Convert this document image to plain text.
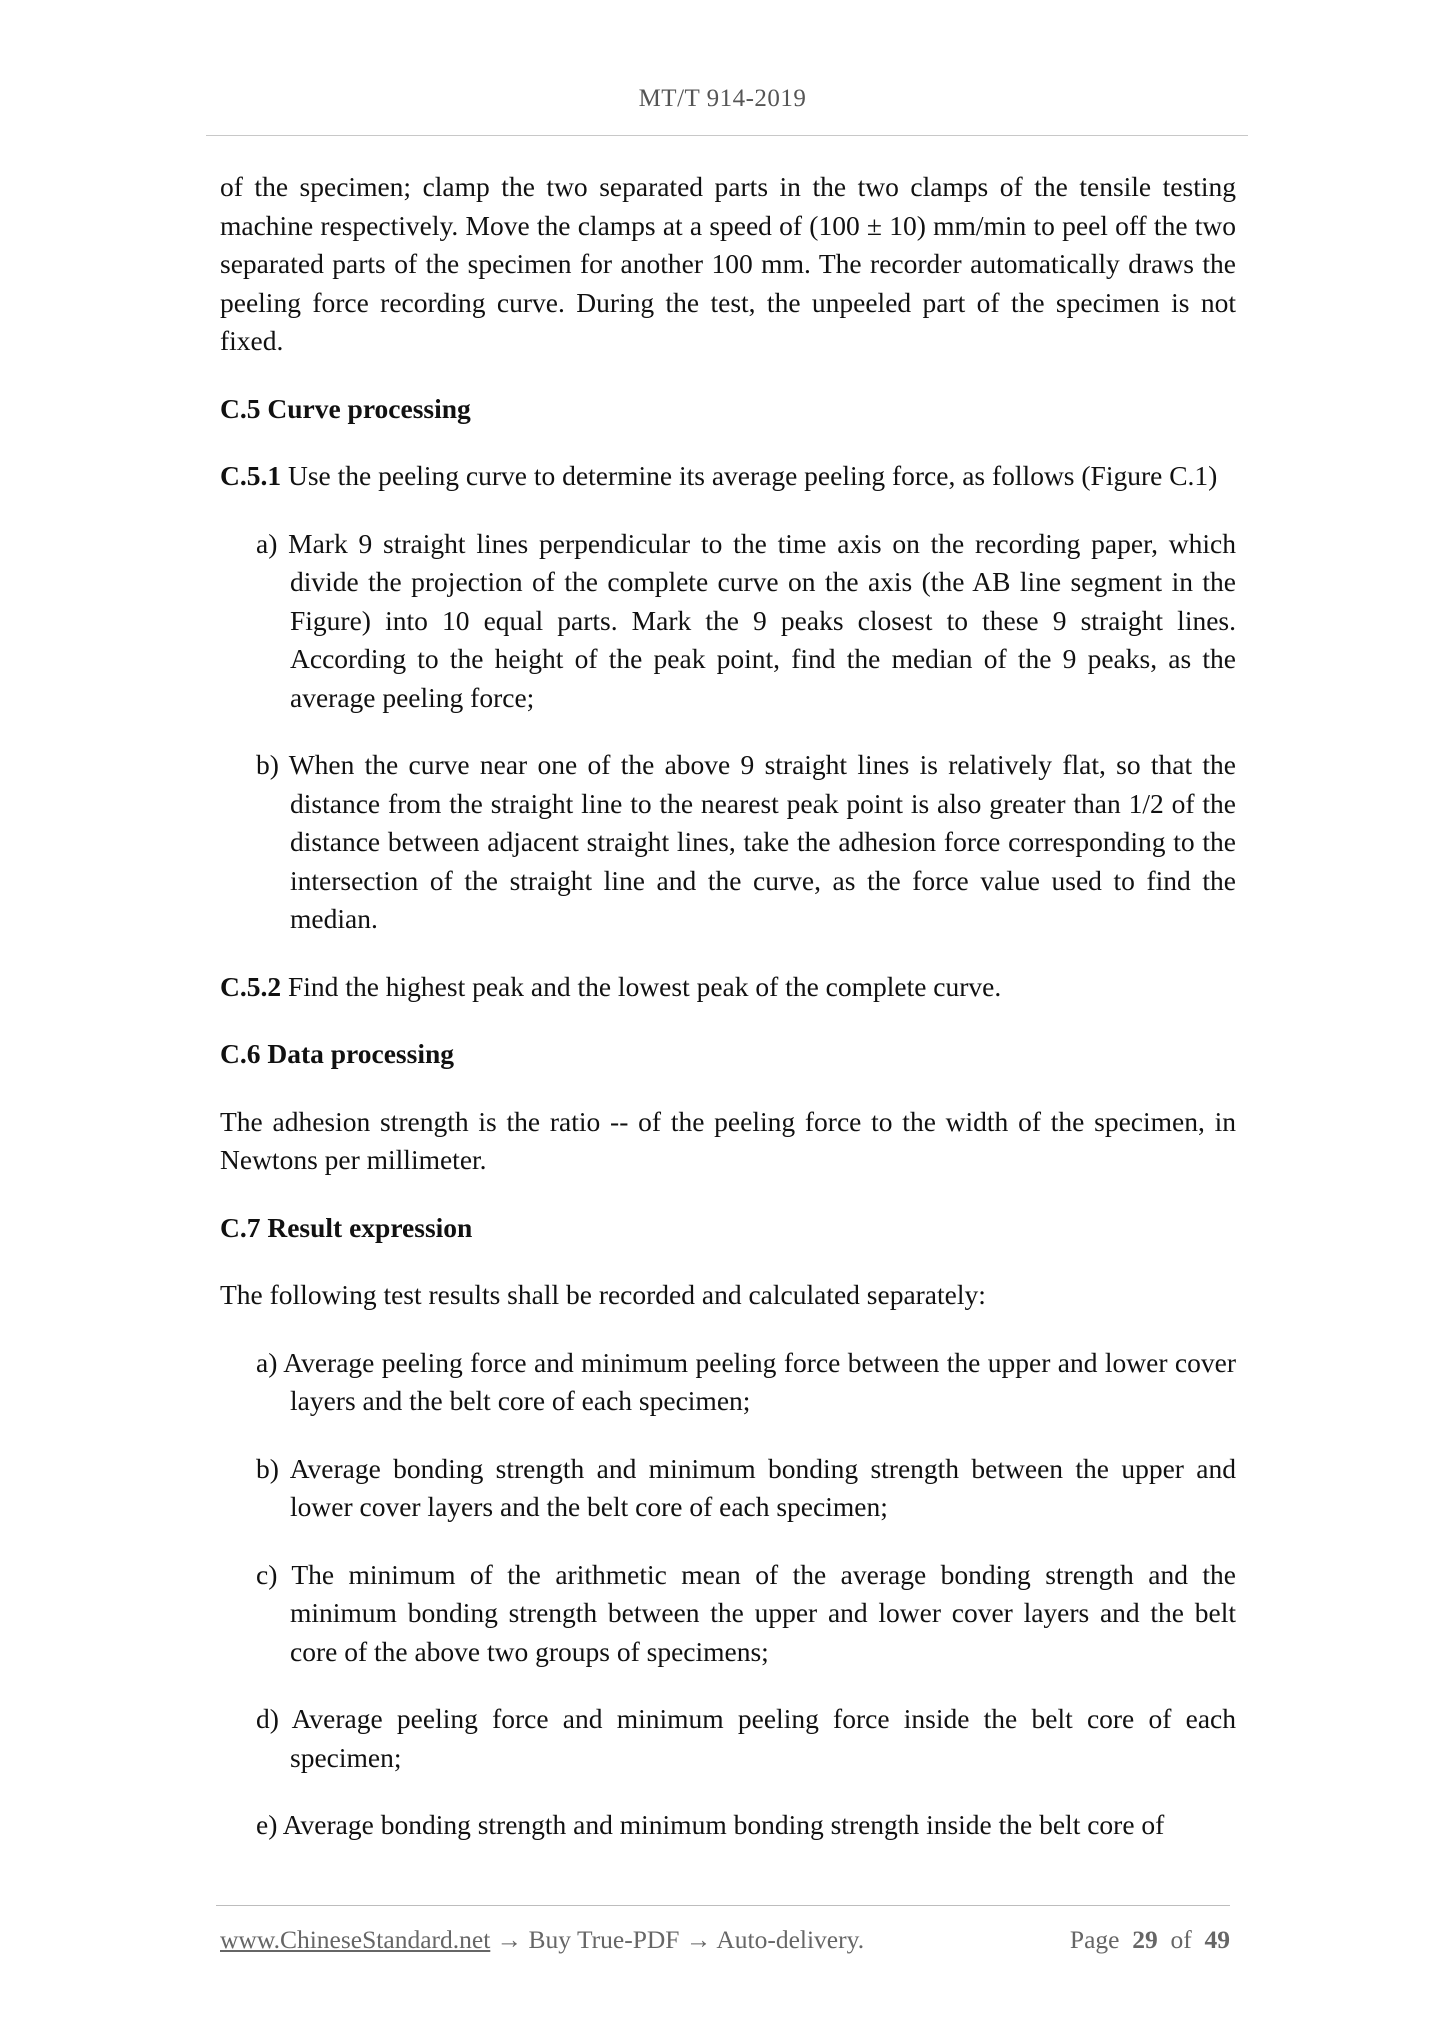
MT/T 914-2019

of the specimen; clamp the two separated parts in the two clamps of the tensile testing machine respectively. Move the clamps at a speed of (100 ± 10) mm/min to peel off the two separated parts of the specimen for another 100 mm. The recorder automatically draws the peeling force recording curve. During the test, the unpeeled part of the specimen is not fixed.

C.5 Curve processing

C.5.1 Use the peeling curve to determine its average peeling force, as follows (Figure C.1)

a) Mark 9 straight lines perpendicular to the time axis on the recording paper, which divide the projection of the complete curve on the axis (the AB line segment in the Figure) into 10 equal parts. Mark the 9 peaks closest to these 9 straight lines. According to the height of the peak point, find the median of the 9 peaks, as the average peeling force;

b) When the curve near one of the above 9 straight lines is relatively flat, so that the distance from the straight line to the nearest peak point is also greater than 1/2 of the distance between adjacent straight lines, take the adhesion force corresponding to the intersection of the straight line and the curve, as the force value used to find the median.

C.5.2 Find the highest peak and the lowest peak of the complete curve.

C.6 Data processing

The adhesion strength is the ratio -- of the peeling force to the width of the specimen, in Newtons per millimeter.

C.7 Result expression

The following test results shall be recorded and calculated separately:

a) Average peeling force and minimum peeling force between the upper and lower cover layers and the belt core of each specimen;

b) Average bonding strength and minimum bonding strength between the upper and lower cover layers and the belt core of each specimen;

c) The minimum of the arithmetic mean of the average bonding strength and the minimum bonding strength between the upper and lower cover layers and the belt core of the above two groups of specimens;

d) Average peeling force and minimum peeling force inside the belt core of each specimen;

e) Average bonding strength and minimum bonding strength inside the belt core of

www.ChineseStandard.net → Buy True-PDF → Auto-delivery.	Page 29 of 49
